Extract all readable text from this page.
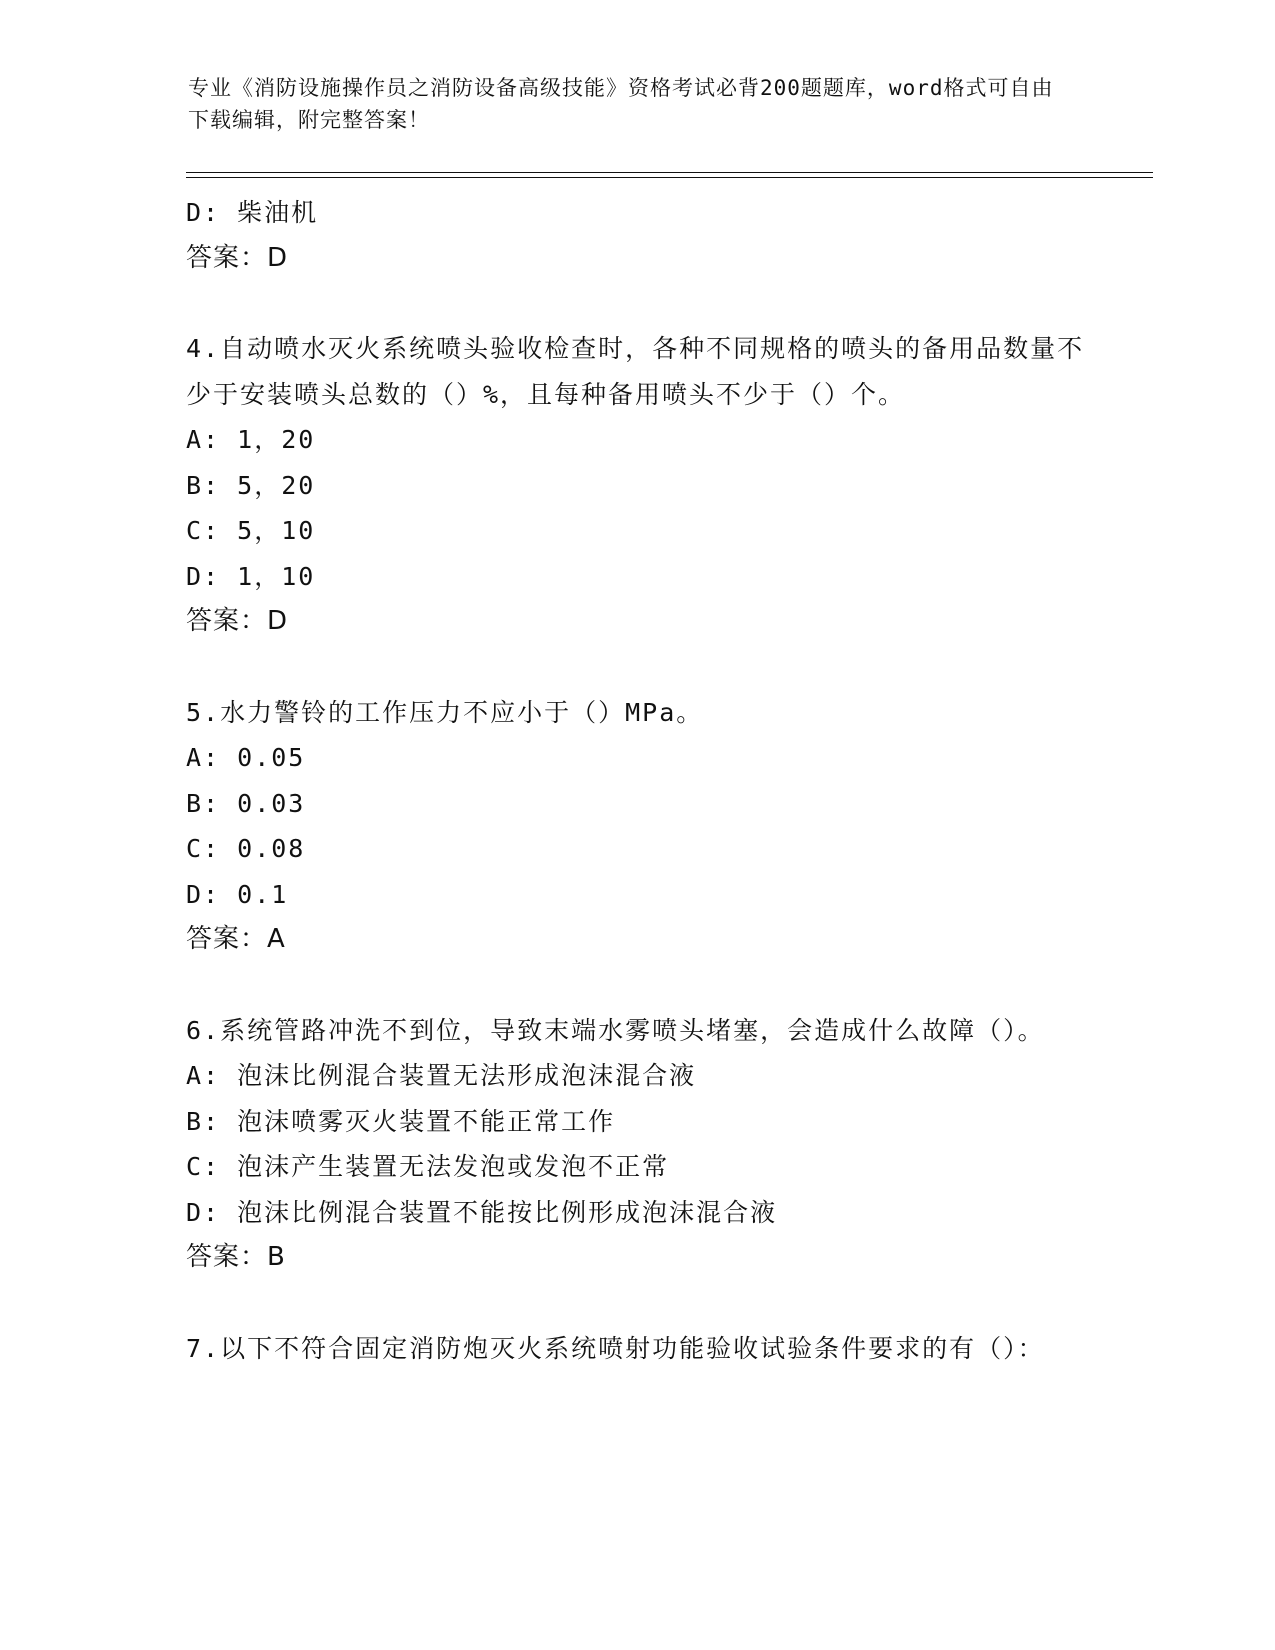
专业《消防设施操作员之消防设备高级技能》资格考试必背200题题库，word格式可自由下载编辑，附完整答案！
D: 柴油机
答案：D
4.自动喷水灭火系统喷头验收检查时，各种不同规格的喷头的备用品数量不少于安装喷头总数的（）%，且每种备用喷头不少于（）个。
A: 1，20
B: 5，20
C: 5，10
D: 1，10
答案：D
5.水力警铃的工作压力不应小于（）MPa。
A: 0.05
B: 0.03
C: 0.08
D: 0.1
答案：A
6.系统管路冲洗不到位，导致末端水雾喷头堵塞，会造成什么故障（）。
A: 泡沫比例混合装置无法形成泡沫混合液
B: 泡沫喷雾灭火装置不能正常工作
C: 泡沫产生装置无法发泡或发泡不正常
D: 泡沫比例混合装置不能按比例形成泡沫混合液
答案：B
7.以下不符合固定消防炮灭火系统喷射功能验收试验条件要求的有（）：
